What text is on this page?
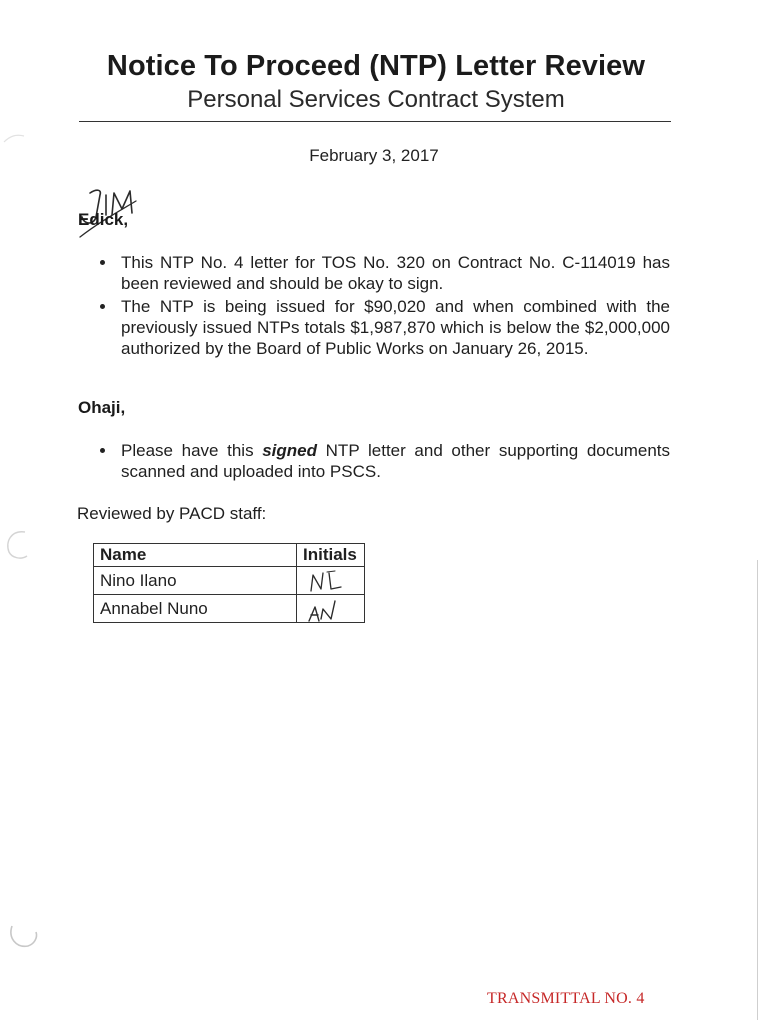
Notice To Proceed (NTP) Letter Review
Personal Services Contract System
February 3, 2017
Edick,
This NTP No. 4 letter for TOS No. 320 on Contract No. C-114019 has been reviewed and should be okay to sign.
The NTP is being issued for $90,020 and when combined with the previously issued NTPs totals $1,987,870 which is below the $2,000,000 authorized by the Board of Public Works on January 26, 2015.
Ohaji,
Please have this signed NTP letter and other supporting documents scanned and uploaded into PSCS.
Reviewed by PACD staff:
Name	Initials
Nino Ilano	

Annabel Nuno	
TRANSMITTAL NO. 4
